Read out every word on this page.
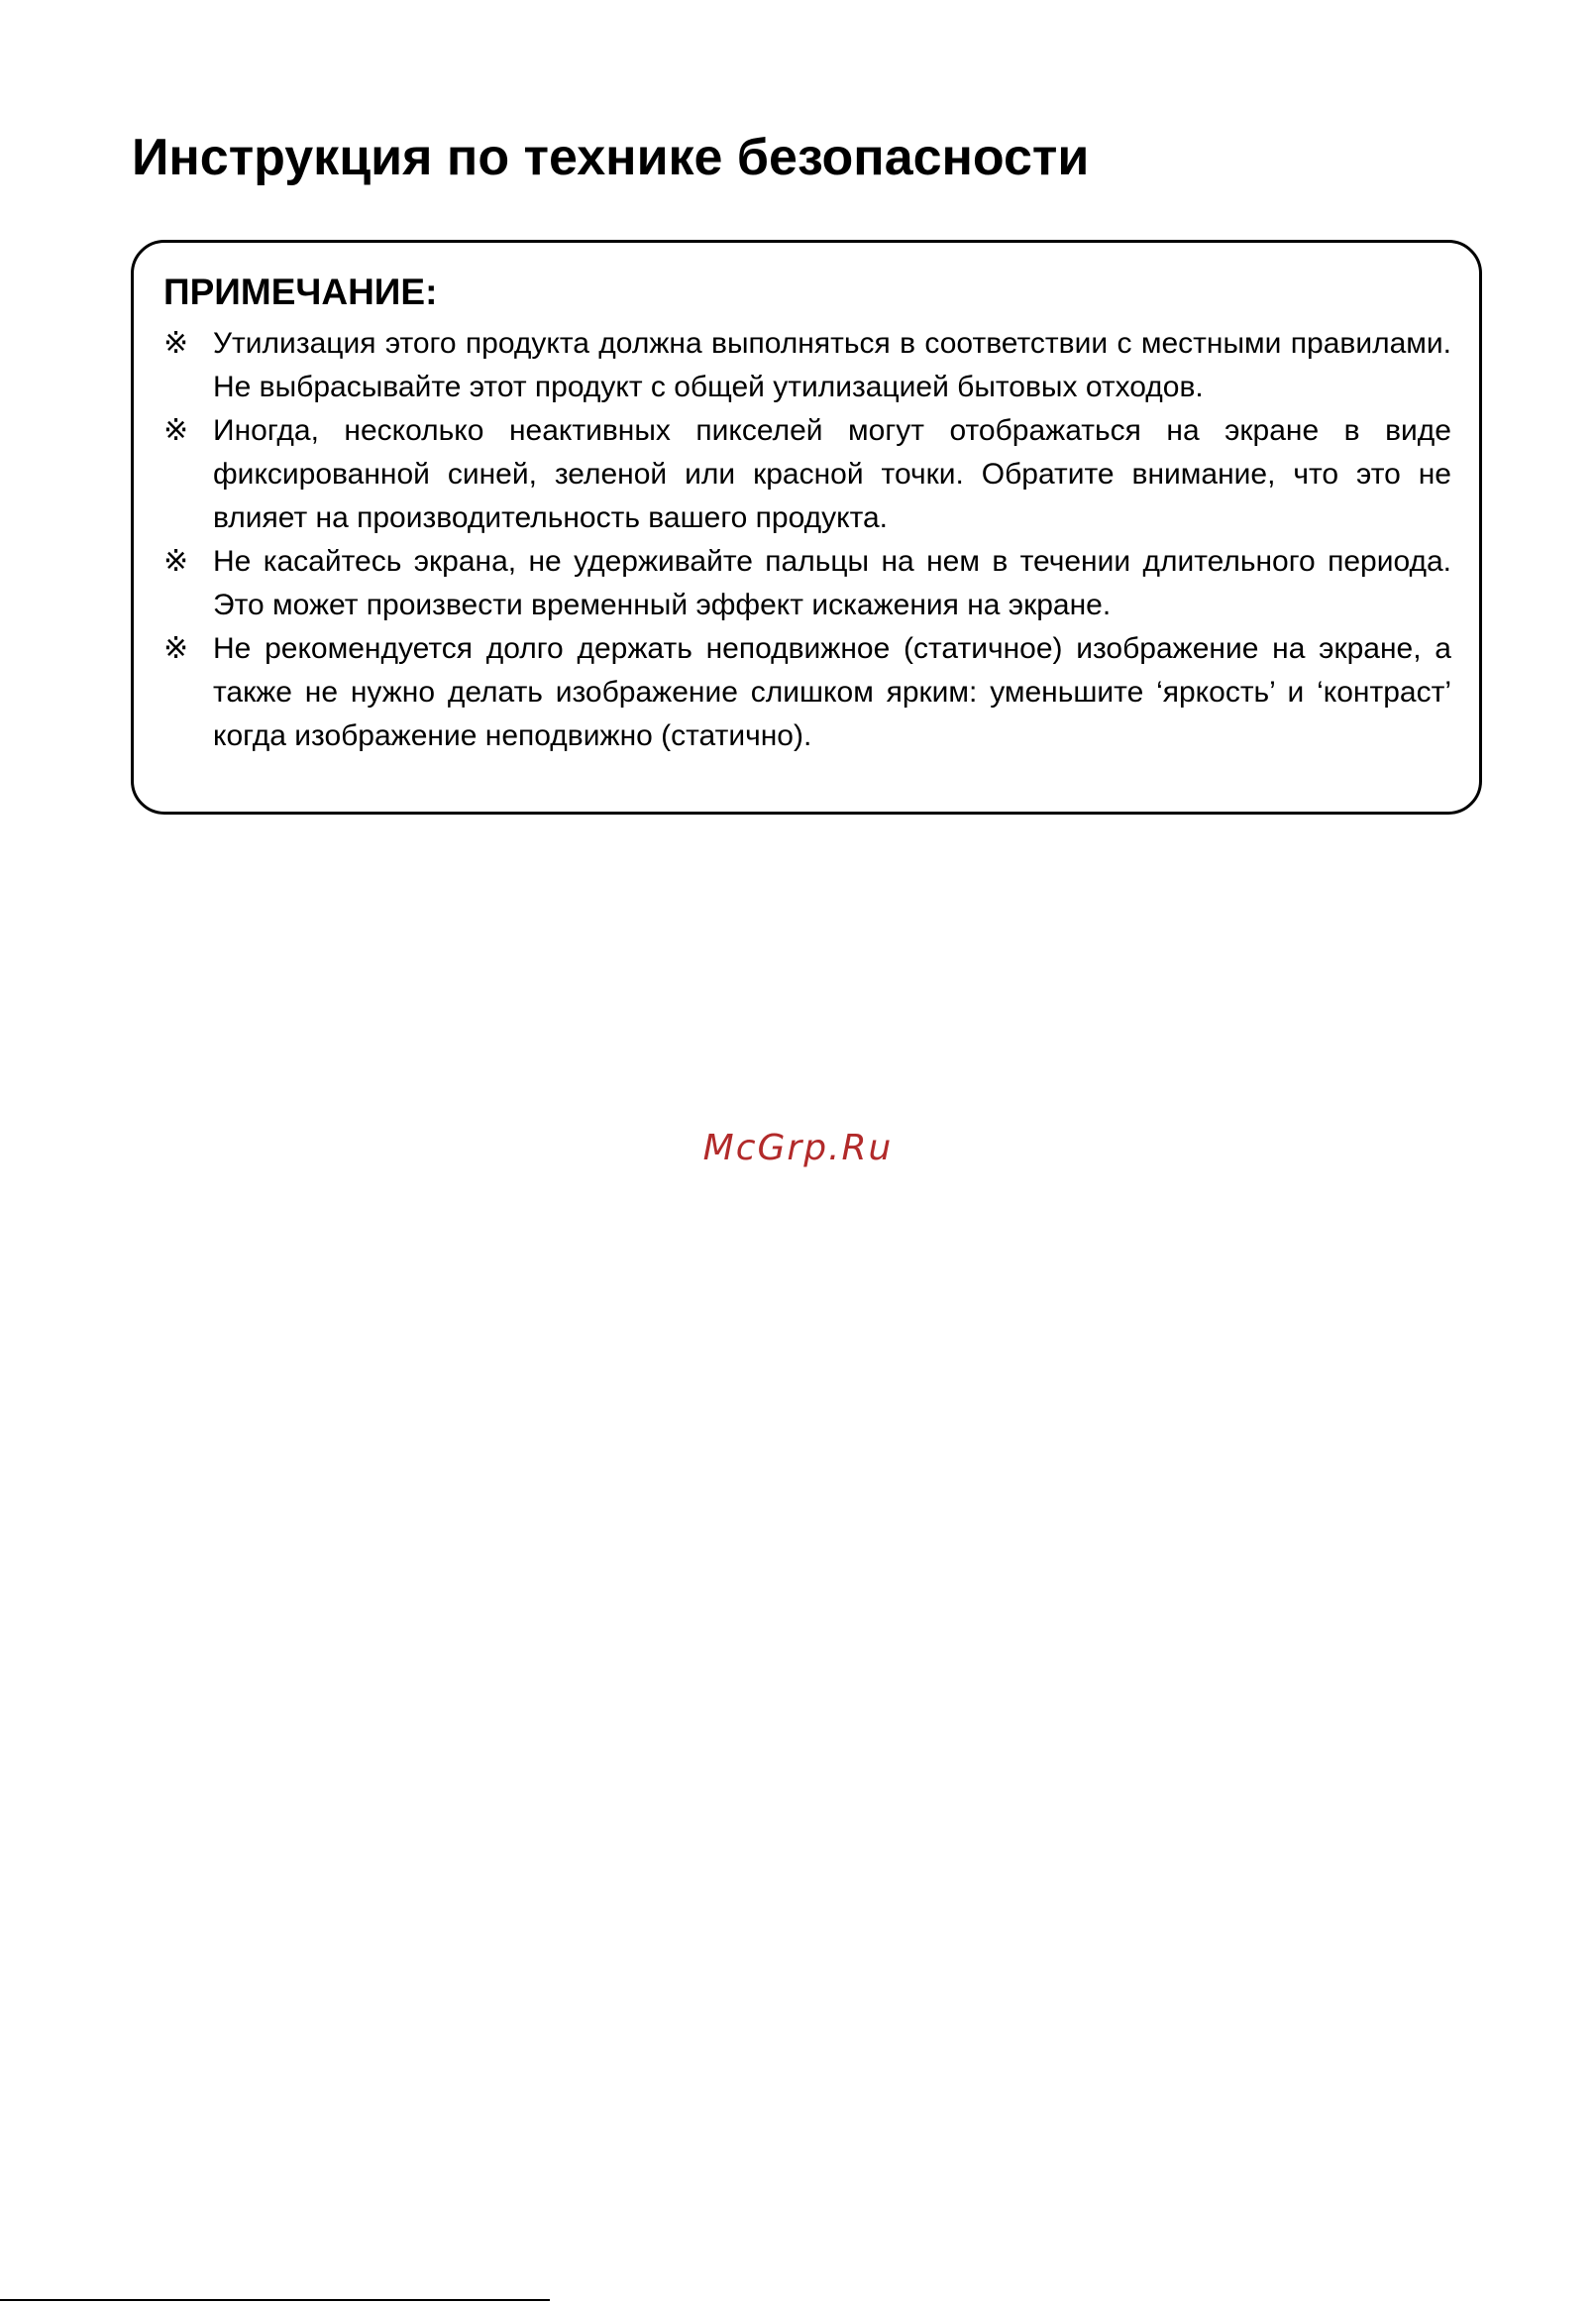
Инструкция по технике безопасности
ПРИМЕЧАНИЕ:
※ Утилизация этого продукта должна выполняться в соответствии с местными правилами. Не выбрасывайте этот продукт с общей утилизацией бытовых отходов.
※ Иногда, несколько неактивных пикселей могут отображаться на экране в виде фиксированной синей, зеленой или красной точки. Обратите внимание, что это не влияет на производительность вашего продукта.
※ Не касайтесь экрана, не удерживайте пальцы на нем в течении длительного периода. Это может произвести временный эффект искажения на экране.
※ Не рекомендуется долго держать неподвижное (статичное) изображение на экране, а также не нужно делать изображение слишком ярким: уменьшите ‘яркость’ и ‘контраст’ когда изображение неподвижно (статично).
McGrp.Ru
